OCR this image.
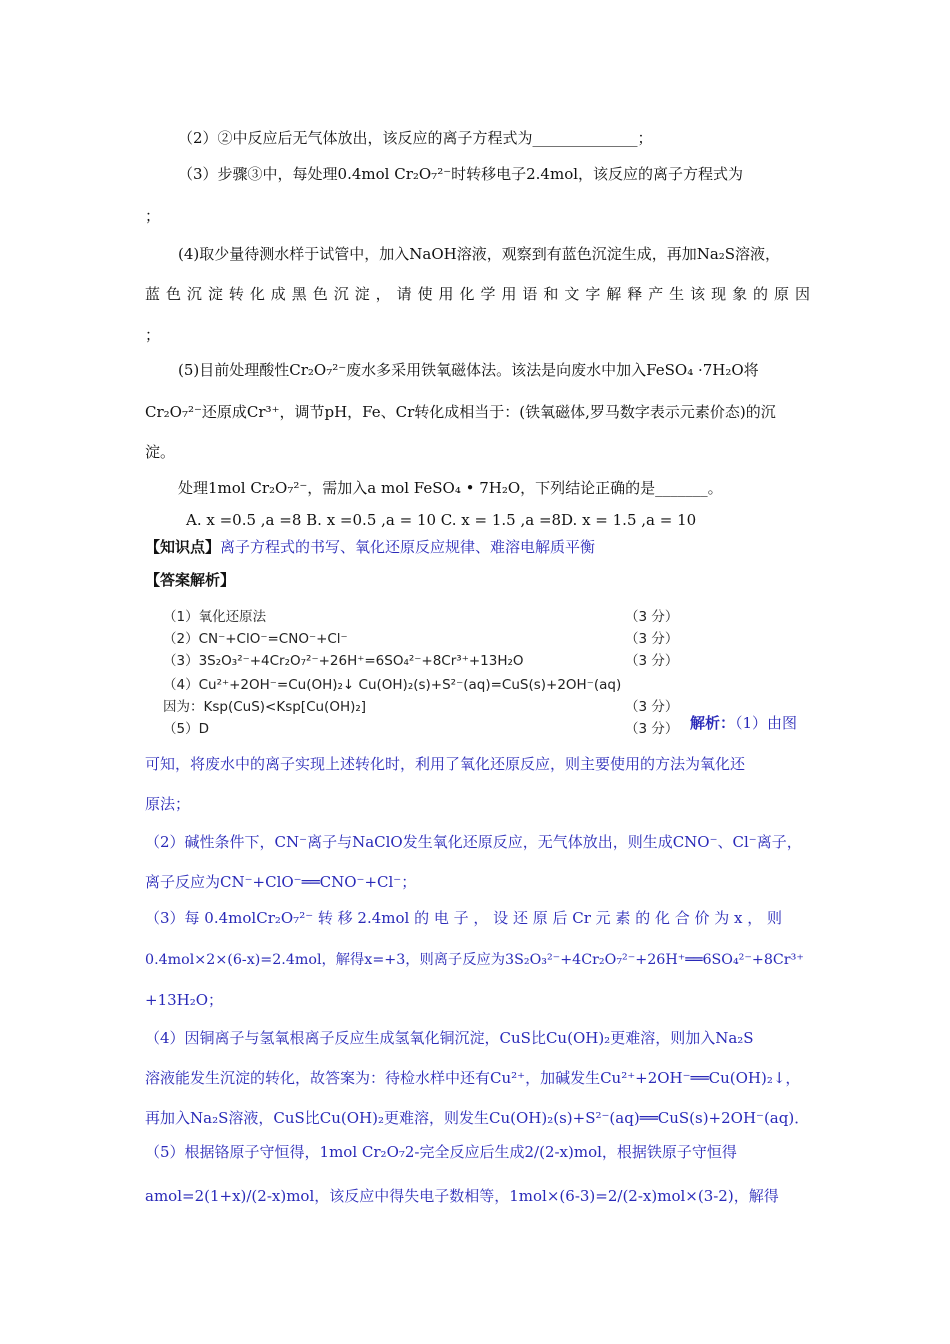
（2）②中反应后无气体放出，该反应的离子方程式为______________；
（3）步骤③中，每处理0.4mol Cr₂O₇²⁻时转移电子2.4mol，该反应的离子方程式为
；
(4)取少量待测水样于试管中，加入NaOH溶液，观察到有蓝色沉淀生成，再加Na₂S溶液，
蓝色沉淀转化成黑色沉淀，请使用化学用语和文字解释产生该现象的原因
；
(5)目前处理酸性Cr₂O₇²⁻废水多采用铁氧磁体法。该法是向废水中加入FeSO₄ ·7H₂O将
Cr₂O₇²⁻还原成Cr³⁺，调节pH，Fe、Cr转化成相当于：(铁氧磁体,罗马数字表示元素价态)的沉
淀。
处理1mol Cr₂O₇²⁻，需加入a mol FeSO₄ • 7H₂O，下列结论正确的是_______。
A. x =0.5 ,a =8 B. x =0.5 ,a = 10 C. x = 1.5 ,a =8D. x = 1.5 ,a = 10
【知识点】离子方程式的书写、氧化还原反应规律、难溶电解质平衡
【答案解析】
（1）氧化还原法	（3 分）
（2）CN⁻+ClO⁻=CNO⁻+Cl⁻	（3 分）
（3）3S₂O₃²⁻+4Cr₂O₇²⁻+26H⁺=6SO₄²⁻+8Cr³⁺+13H₂O	（3 分）
（4）Cu²⁺+2OH⁻=Cu(OH)₂↓ Cu(OH)₂(s)+S²⁻(aq)=CuS(s)+2OH⁻(aq)
因为：Ksp(CuS)<Ksp[Cu(OH)₂]	（3 分）
（5）D	（3 分） 解析：（1）由图
可知，将废水中的离子实现上述转化时，利用了氧化还原反应，则主要使用的方法为氧化还
原法；
（2）碱性条件下，CN⁻离子与NaClO发生氧化还原反应，无气体放出，则生成CNO⁻、Cl⁻离子，
离子反应为CN⁻+ClO⁻══CNO⁻+Cl⁻；
（3）每 0.4molCr₂O₇²⁻ 转 移 2.4mol 的 电 子 ， 设 还 原 后 Cr 元 素 的 化 合 价 为 x ， 则
0.4mol×2×(6-x)=2.4mol，解得x=+3，则离子反应为3S₂O₃²⁻+4Cr₂O₇²⁻+26H⁺══6SO₄²⁻+8Cr³⁺
+13H₂O；
（4）因铜离子与氢氧根离子反应生成氢氧化铜沉淀，CuS比Cu(OH)₂更难溶，则加入Na₂S
溶液能发生沉淀的转化，故答案为：待检水样中还有Cu²⁺，加碱发生Cu²⁺+2OH⁻══Cu(OH)₂↓，
再加入Na₂S溶液，CuS比Cu(OH)₂更难溶，则发生Cu(OH)₂(s)+S²⁻(aq)══CuS(s)+2OH⁻(aq)．
（5）根据铬原子守恒得，1mol Cr₂O₇2-完全反应后生成2/(2-x)mol，根据铁原子守恒得
amol=2(1+x)/(2-x)mol，该反应中得失电子数相等，1mol×(6-3)=2/(2-x)mol×(3-2)，解得
